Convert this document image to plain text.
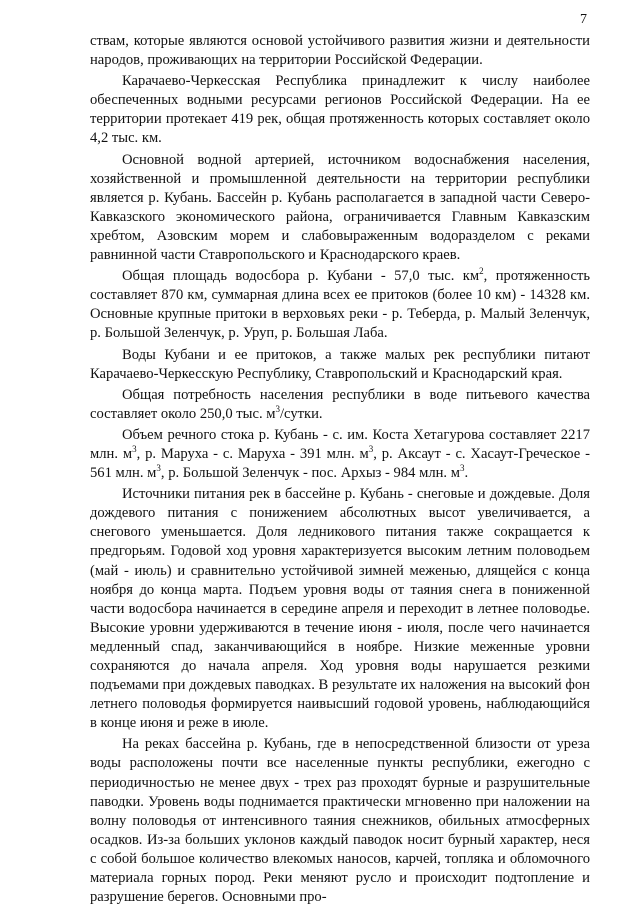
7

ствам, которые являются основой устойчивого развития жизни и деятельности народов, проживающих на территории Российской Федерации.

Карачаево-Черкесская Республика принадлежит к числу наиболее обеспеченных водными ресурсами регионов Российской Федерации. На ее территории протекает 419 рек, общая протяженность которых составляет около 4,2 тыс. км.

Основной водной артерией, источником водоснабжения населения, хозяйственной и промышленной деятельности на территории республики является р. Кубань. Бассейн р. Кубань располагается в западной части Северо-Кавказского экономического района, ограничивается Главным Кавказским хребтом, Азовским морем и слабовыраженным водоразделом с реками равнинной части Ставропольского и Краснодарского краев.

Общая площадь водосбора р. Кубани - 57,0 тыс. $км^2$, протяженность составляет 870 км, суммарная длина всех ее притоков (более 10 км) - 14328 км. Основные крупные притоки в верховьях реки - р. Теберда, р. Малый Зеленчук, р. Большой Зеленчук, р. Уруп, р. Большая Лаба.

Воды Кубани и ее притоков, а также малых рек республики питают Карачаево-Черкесскую Республику, Ставропольский и Краснодарский края.

Общая потребность населения республики в воде питьевого качества составляет около 250,0 тыс. $м^3$/сутки.

Объем речного стока р. Кубань - с. им. Коста Хетагурова составляет 2217 млн. $м^3$, р. Маруха - с. Маруха - 391 млн. $м^3$, р. Аксаут - с. Хасаут-Греческое - 561 млн. $м^3$, р. Большой Зеленчук - пос. Архыз - 984 млн. $м^3$.

Источники питания рек в бассейне р. Кубань - снеговые и дождевые. Доля дождевого питания с понижением абсолютных высот увеличивается, а снегового уменьшается. Доля ледникового питания также сокращается к предгорьям. Годовой ход уровня характеризуется высоким летним половодьем (май - июль) и сравнительно устойчивой зимней меженью, длящейся с конца ноября до конца марта. Подъем уровня воды от таяния снега в пониженной части водосбора начинается в середине апреля и переходит в летнее половодье. Высокие уровни удерживаются в течение июня - июля, после чего начинается медленный спад, заканчивающийся в ноябре. Низкие меженные уровни сохраняются до начала апреля. Ход уровня воды нарушается резкими подъемами при дождевых паводках. В результате их наложения на высокий фон летнего половодья формируется наивысший годовой уровень, наблюдающийся в конце июня и реже в июле.

На реках бассейна р. Кубань, где в непосредственной близости от уреза воды расположены почти все населенные пункты республики, ежегодно с периодичностью не менее двух - трех раз проходят бурные и разрушительные паводки. Уровень воды поднимается практически мгновенно при наложении на волну половодья от интенсивного таяния снежников, обильных атмосферных осадков. Из-за больших уклонов каждый паводок носит бурный характер, неся с собой большое количество влекомых наносов, карчей, топляка и обломочного материала горных пород. Реки меняют русло и происходит подтопление и разрушение берегов. Основными про-
